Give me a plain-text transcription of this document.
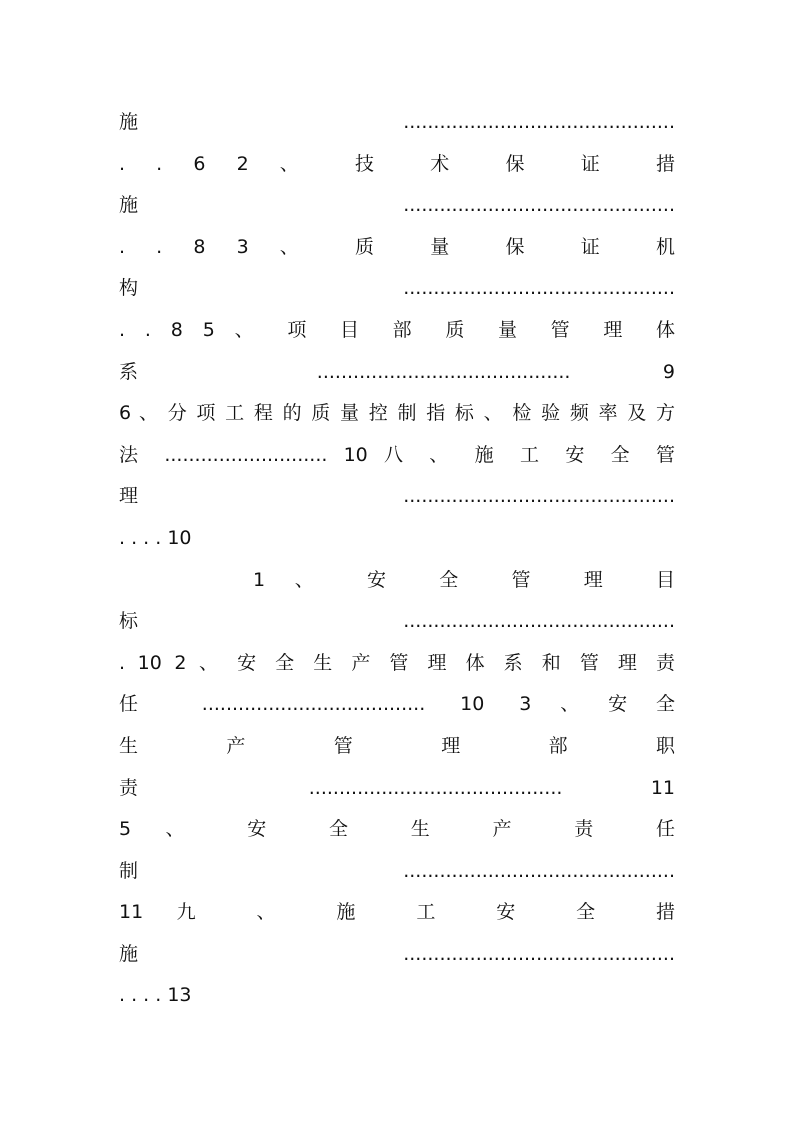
施.............................................
. . 6 2 、 技 术 保 证 措
施.............................................
. . 8 3 、 质 量 保 证 机
构.............................................
. . 8 5 、 项 目 部 质 量 管 理 体
系 .......................................... 9
6 、 分 项 工 程 的 质 量 控 制 指 标 、 检 验 频 率 及 方
法 ........................... 10 八 、 施 工 安 全 管
理.............................................
. . . . 10
1 、 安 全 管 理 目
标.............................................
. 10 2 、 安 全 生 产 管 理 体 系 和 管 理 责
任 ..................................... 10 3、安全
生 产 管 理 部 职
责 .......................................... 11
5 、 安 全 生 产 责 任
制.............................................
11 九 、 施 工 安 全 措
施.............................................
. . . . 13
